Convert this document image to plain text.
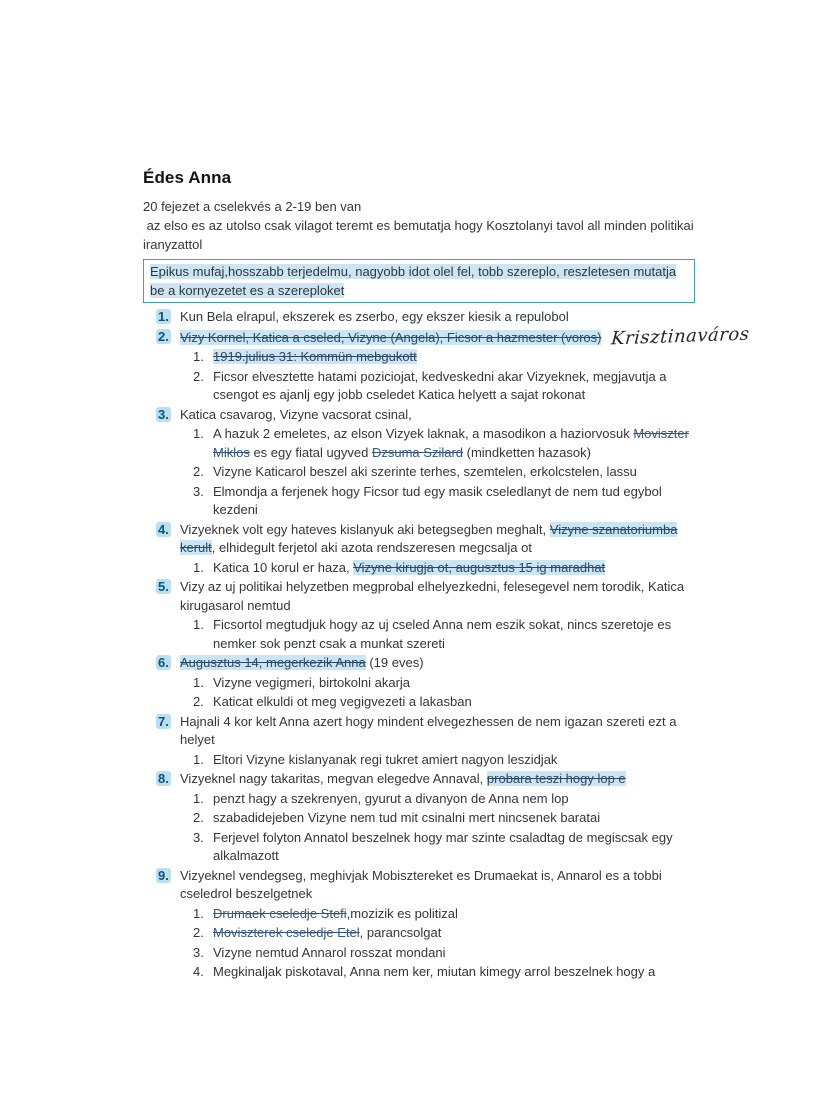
Édes Anna

20 fejezet a cselekvés a 2-19 ben van

az elso es az utolso csak vilagot teremt es bemutatja hogy Kosztolanyi tavol all minden politikai iranyzattol

Epikus mufaj,hosszabb terjedelmu, nagyobb idot olel fel, tobb szereplo, reszletesen mutatja be a kornyezetet es a szereploket
1. Kun Bela elrapul, ekszerek es zserbo, egy ekszer kiesik a repulobol
2. Vizy Kornel, Katica a cseled, Vizyne (Angela), Ficsor a hazmester (voros) Krisztinaváros
1. 1919.julius 31: Kommün mebgukott
2. Ficsor elvesztette hatami poziciojat, kedveskedni akar Vizyeknek, megjavutja a csengot es ajanlj egy jobb cseledet Katica helyett a sajat rokonat
3. Katica csavarog, Vizyne vacsorat csinal,
1. A hazuk 2 emeletes, az elson Vizyek laknak, a masodikon a haziorvosuk Moviszter Miklos es egy fiatal ugyved Dzsuma Szilard (mindketten hazasok)
2. Vizyne Katicarol beszel aki szerinte terhes, szemtelen, erkolcstelen, lassu
3. Elmondja a ferjenek hogy Ficsor tud egy masik cseledlanyt de nem tud egybol kezdeni
4. Vizyeknek volt egy hateves kislanyuk aki betegsegben meghalt, Vizyne szanatoriumba kerult, elhidegult ferjetol aki azota rendszeresen megcsalja ot
1. Katica 10 korul er haza, Vizyne kirugja ot, augusztus 15 ig maradhat
5. Vizy az uj politikai helyzetben megprobal elhelyezkedni, felesegevel nem torodik, Katica kirugasarol nemtud
1. Ficsortol megtudjuk hogy az uj cseled Anna nem eszik sokat, nincs szeretoje es nemker sok penzt csak a munkat szereti
6. Augusztus 14, megerkezik Anna (19 eves)
1. Vizyne vegigmeri, birtokolni akarja
2. Katicat elkuldi ot meg vegigvezeti a lakasban
7. Hajnali 4 kor kelt Anna azert hogy mindent elvegezhessen de nem igazan szereti ezt a helyet
1. Eltori Vizyne kislanyanak regi tukret amiert nagyon leszidjak
8. Vizyeknel nagy takaritas, megvan elegedve Annaval, probara teszi hogy lop e
1. penzt hagy a szekrenyen, gyurut a divanyon de Anna nem lop
2. szabadidejeben Vizyne nem tud mit csinalni mert nincsenek baratai
3. Ferjevel folyton Annatol beszelnek hogy mar szinte csaladtag de megiscsak egy alkalmazott
9. Vizyeknel vendegseg, meghivjak Mobisztereket es Drumaekat is, Annarol es a tobbi cseledrol beszelgetnek
1. Drumaek cseledje Stefi,mozizik es politizal
2. Moviszterek cseledje Etel, parancsolgat
3. Vizyne nemtud Annarol rosszat mondani
4. Megkinaljak piskotaval, Anna nem ker, miutan kimegy arrol beszelnek hogy a
